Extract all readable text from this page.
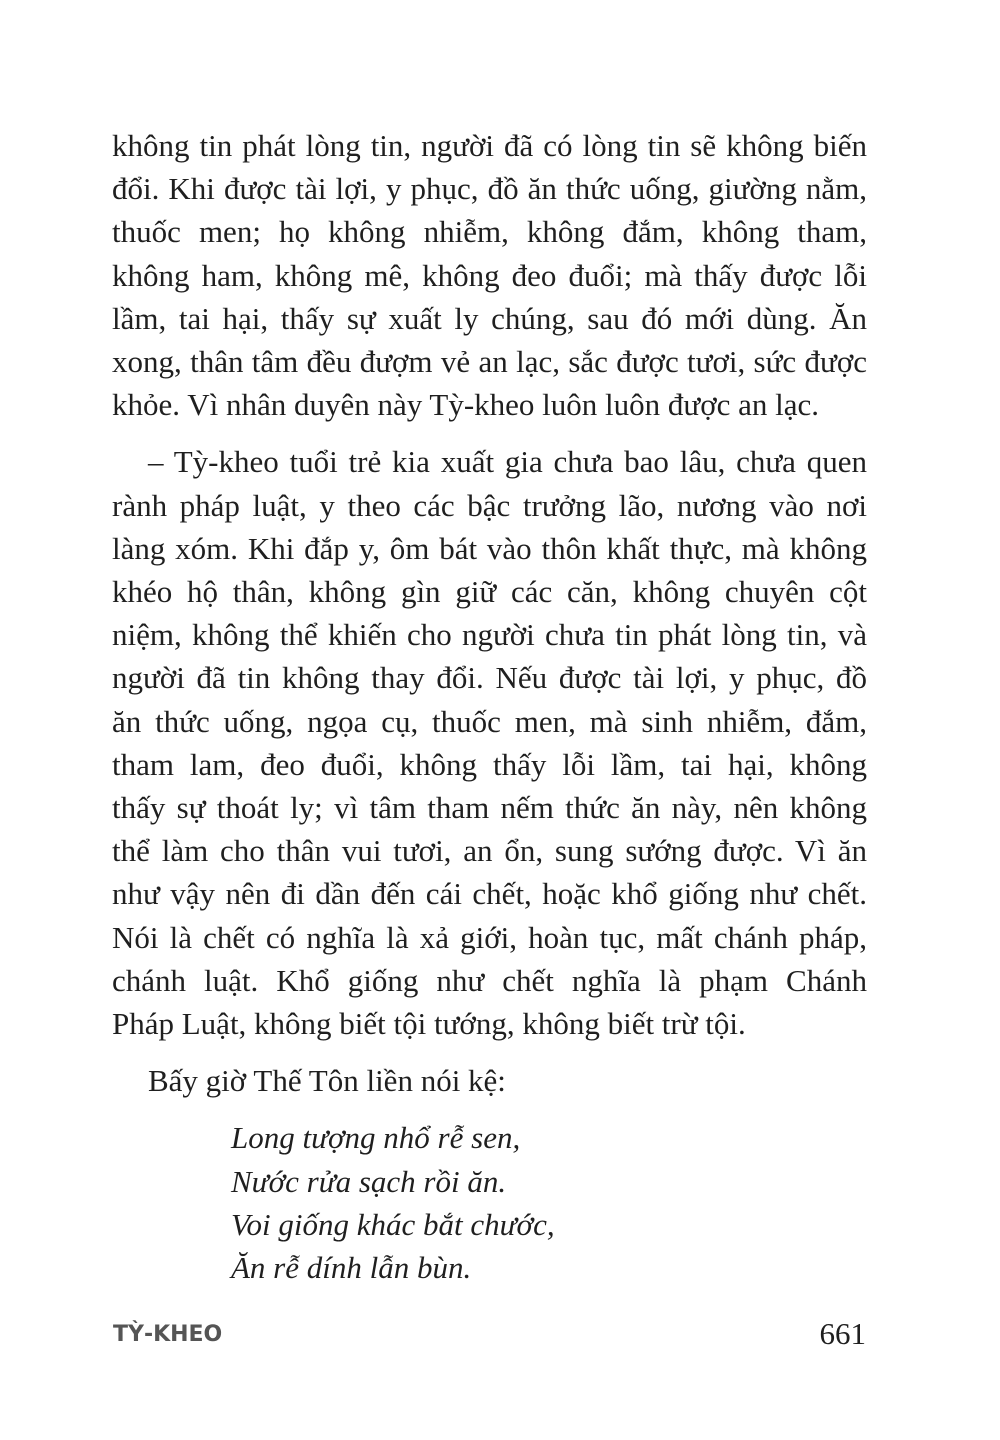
không tin phát lòng tin, người đã có lòng tin sẽ không biến
đổi. Khi được tài lợi, y phục, đồ ăn thức uống, giường nằm,
thuốc men; họ không nhiễm, không đắm, không tham,
không ham, không mê, không đeo đuổi; mà thấy được lỗi
lầm, tai hại, thấy sự xuất ly chúng, sau đó mới dùng. Ăn
xong, thân tâm đều đượm vẻ an lạc, sắc được tươi, sức được
khỏe. Vì nhân duyên này Tỳ-kheo luôn luôn được an lạc.
– Tỳ-kheo tuổi trẻ kia xuất gia chưa bao lâu, chưa quen
rành pháp luật, y theo các bậc trưởng lão, nương vào nơi
làng xóm. Khi đắp y, ôm bát vào thôn khất thực, mà không
khéo hộ thân, không gìn giữ các căn, không chuyên cột
niệm, không thể khiến cho người chưa tin phát lòng tin, và
người đã tin không thay đổi. Nếu được tài lợi, y phục, đồ
ăn thức uống, ngọa cụ, thuốc men, mà sinh nhiễm, đắm,
tham lam, đeo đuổi, không thấy lỗi lầm, tai hại, không
thấy sự thoát ly; vì tâm tham nếm thức ăn này, nên không
thể làm cho thân vui tươi, an ổn, sung sướng được. Vì ăn
như vậy nên đi dần đến cái chết, hoặc khổ giống như chết.
Nói là chết có nghĩa là xả giới, hoàn tục, mất chánh pháp,
chánh luật. Khổ giống như chết nghĩa là phạm Chánh
Pháp Luật, không biết tội tướng, không biết trừ tội.
Bấy giờ Thế Tôn liền nói kệ:
Long tượng nhổ rễ sen,
Nước rửa sạch rồi ăn.
Voi giống khác bắt chước,
Ăn rễ dính lẫn bùn.
TỲ-KHEO	661
